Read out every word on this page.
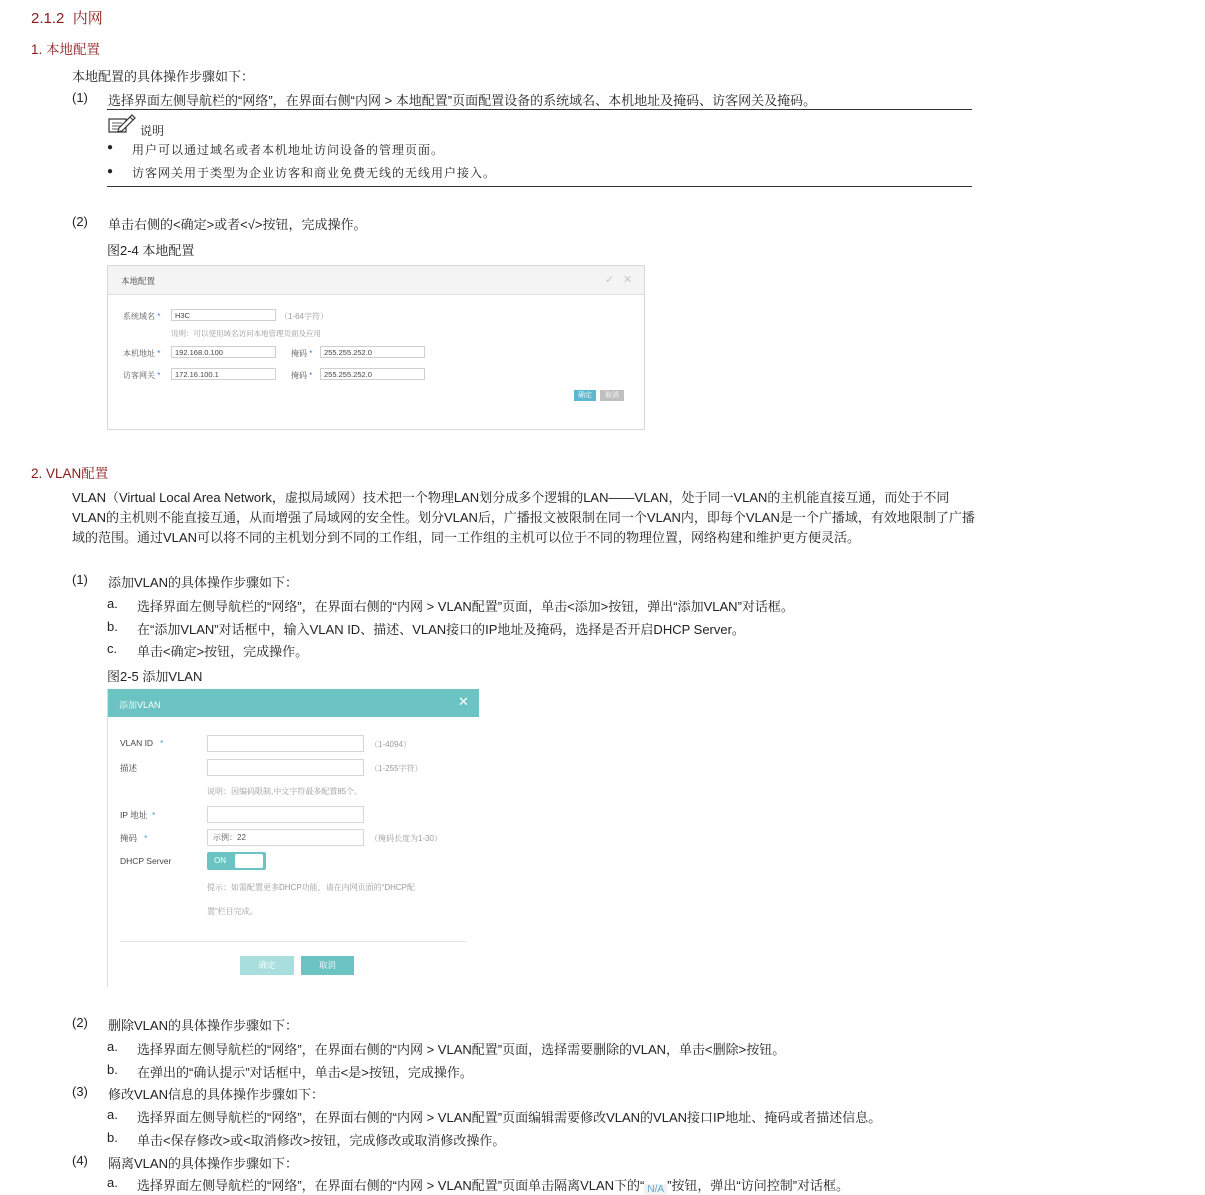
2.1.2 内网
1. 本地配置
本地配置的具体操作步骤如下：
(1) 选择界面左侧导航栏的“网络”，在界面右侧“内网 > 本地配置”页面配置设备的系统域名、本机地址及掩码、访客网关及掩码。
说明
● 用户可以通过域名或者本机地址访问设备的管理页面。
● 访客网关用于类型为企业访客和商业免费无线的无线用户接入。
(2) 单击右侧的<确定>或者<√>按钮，完成操作。
图2-4 本地配置
本地配置	✓ ✕
系统域名 *	H3C	（1-64字符）
说明：可以使用域名访问本地管理页面及应用
本机地址 *	192.168.0.100	掩码 *	255.255.252.0
访客网关 *	172.16.100.1	掩码 *	255.255.252.0
确定	取消
2. VLAN配置
VLAN（Virtual Local Area Network，虚拟局域网）技术把一个物理LAN划分成多个逻辑的LAN——VLAN，处于同一VLAN的主机能直接互通，而处于不同VLAN的主机则不能直接互通，从而增强了局域网的安全性。划分VLAN后，广播报文被限制在同一个VLAN内，即每个VLAN是一个广播域，有效地限制了广播域的范围。通过VLAN可以将不同的主机划分到不同的工作组，同一工作组的主机可以位于不同的物理位置，网络构建和维护更方便灵活。
(1) 添加VLAN的具体操作步骤如下：
a. 选择界面左侧导航栏的“网络”，在界面右侧的“内网 > VLAN配置”页面，单击<添加>按钮，弹出“添加VLAN”对话框。
b. 在“添加VLAN”对话框中，输入VLAN ID、描述、VLAN接口的IP地址及掩码，选择是否开启DHCP Server。
c. 单击<确定>按钮，完成操作。
图2-5 添加VLAN
添加VLAN	✕
VLAN ID *	（1-4094）
描述	（1-255字符）
说明：因编码限制,中文字符最多配置85个。
IP 地址 *
掩码 *	示例：22	（掩码长度为1-30）
DHCP Server	ON
提示：如需配置更多DHCP功能，请在内网页面的“DHCP配
置”栏目完成。
确定	取消
(2) 删除VLAN的具体操作步骤如下：
a. 选择界面左侧导航栏的“网络”，在界面右侧的“内网 > VLAN配置”页面，选择需要删除的VLAN，单击<删除>按钮。
b. 在弹出的“确认提示”对话框中，单击<是>按钮，完成操作。
(3) 修改VLAN信息的具体操作步骤如下：
a. 选择界面左侧导航栏的“网络”，在界面右侧的“内网 > VLAN配置”页面编辑需要修改VLAN的VLAN接口IP地址、掩码或者描述信息。
b. 单击<保存修改>或<取消修改>按钮，完成修改或取消修改操作。
(4) 隔离VLAN的具体操作步骤如下：
a. 选择界面左侧导航栏的“网络”，在界面右侧的“内网 > VLAN配置”页面单击隔离VLAN下的“ N/A ”按钮，弹出“访问控制”对话框。
